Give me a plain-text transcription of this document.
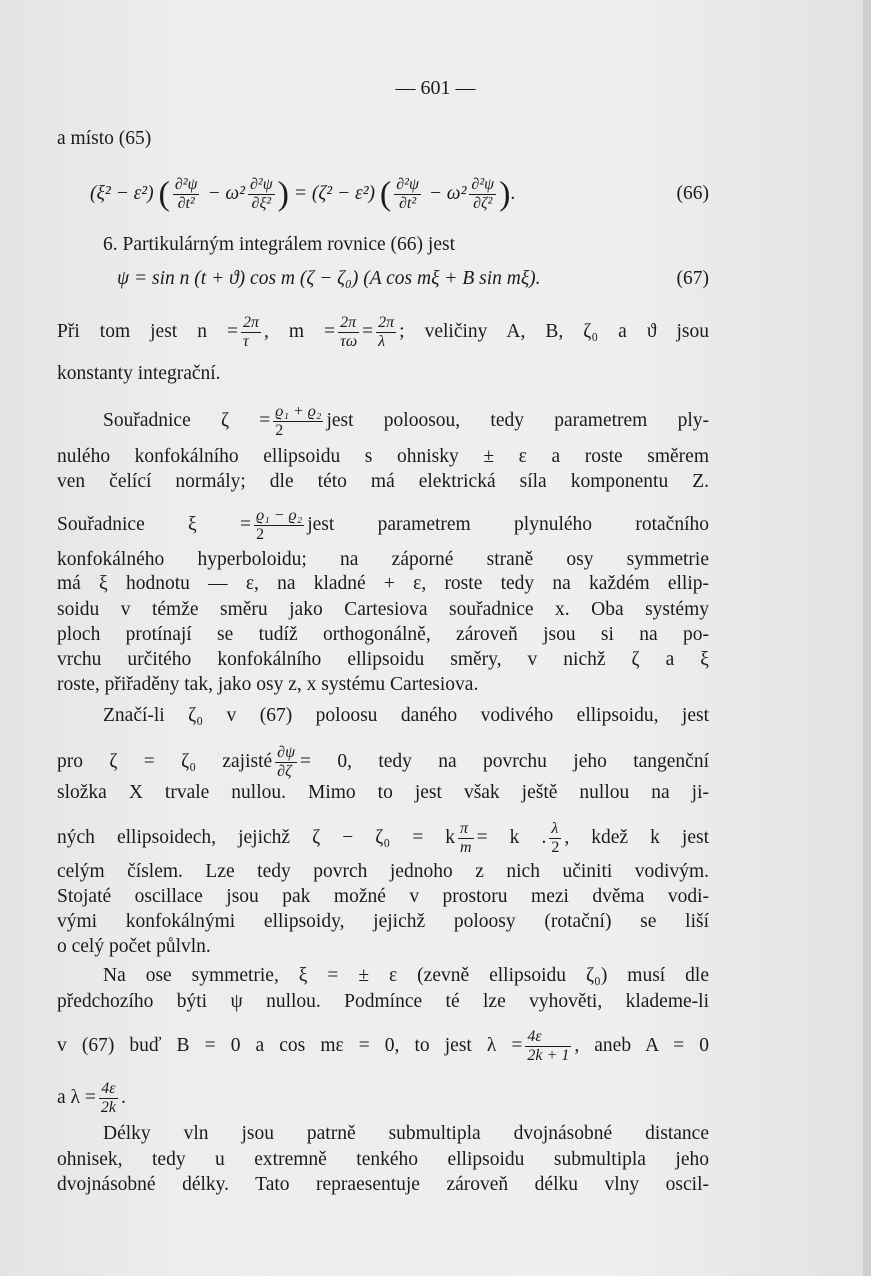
— 601 —
a místo (65)
(ξ² − ε²) ( $\frac{\text{∂²ψ}}{\text{∂t²}} - \omega^2 \frac{\text{∂²ψ}}{\text{∂ξ²}}$ ) = (ζ² − ε²) ( $\frac{\text{∂²ψ}}{\text{∂t²}} - \omega^2 \frac{\text{∂²ψ}}{\text{∂ζ²}}$ ).	(66)
6. Partikulárným integrálem rovnice (66) jest
ψ = sin n (t + ϑ) cos m (ζ − ζ₀) (A cos mξ + B sin mξ).	(67)
Při tom jest $n = \frac{2\pi}{\tau}$ , $m = \frac{2\pi}{\tau\omega} = \frac{2\pi}{\lambda}$ ; veličiny A, B, ζ₀ a ϑ jsou
konstanty integrační.
Souřadnice $\zeta = \frac{\text{ϱ₁ + ϱ₂}}{2}$ jest poloosou, tedy parametrem ply-
nulého konfokálního ellipsoidu s ohnisky ± ε a roste směrem
ven čelící normály; dle této má elektrická síla komponentu Z.
Souřadnice $\xi = \frac{\text{ϱ₁ − ϱ₂}}{2}$ jest parametrem plynulého rotačního
konfokálného hyperboloidu; na záporné straně osy symmetrie
má ξ hodnotu — ε, na kladné + ε, roste tedy na každém ellip-
soidu v témže směru jako Cartesiova souřadnice x. Oba systémy
ploch protínají se tudíž orthogonálně, zároveň jsou si na po-
vrchu určitého konfokálního ellipsoidu směry, v nichž ζ a ξ
roste, přiřaděny tak, jako osy z, x systému Cartesiova.
Značí-li ζ₀ v (67) poloosu daného vodivého ellipsoidu, jest
pro ζ = ζ₀ zajisté $\frac{\partial\psi}{\partial\zeta} = 0$, tedy na povrchu jeho tangenční
složka X trvale nullou. Mimo to jest však ještě nullou na ji-
ných ellipsoidech, jejichž ζ − ζ₀ = k $\frac{\pi}{m} = k$ . $\frac{\lambda}{2}$ , kdež k jest
celým číslem. Lze tedy povrch jednoho z nich učiniti vodivým.
Stojaté oscillace jsou pak možné v prostoru mezi dvěma vodi-
vými konfokálnými ellipsoidy, jejichž poloosy (rotační) se liší
o celý počet půlvln.
Na ose symmetrie, ξ = ± ε (zevně ellipsoidu ζ₀) musí dle
předchozího býti ψ nullou. Podmínce té lze vyhověti, klademe-li
v (67) buď B = 0 a cos mε = 0, to jest $\lambda = \frac{4\varepsilon}{2k + 1}$ , aneb A = 0
a $\lambda = \frac{4\varepsilon}{2k}$ .
Délky vln jsou patrně submultipla dvojnásobné distance
ohnisek, tedy u extremně tenkého ellipsoidu submultipla jeho
dvojnásobné délky. Tato repraesentuje zároveň délku vlny oscil-
